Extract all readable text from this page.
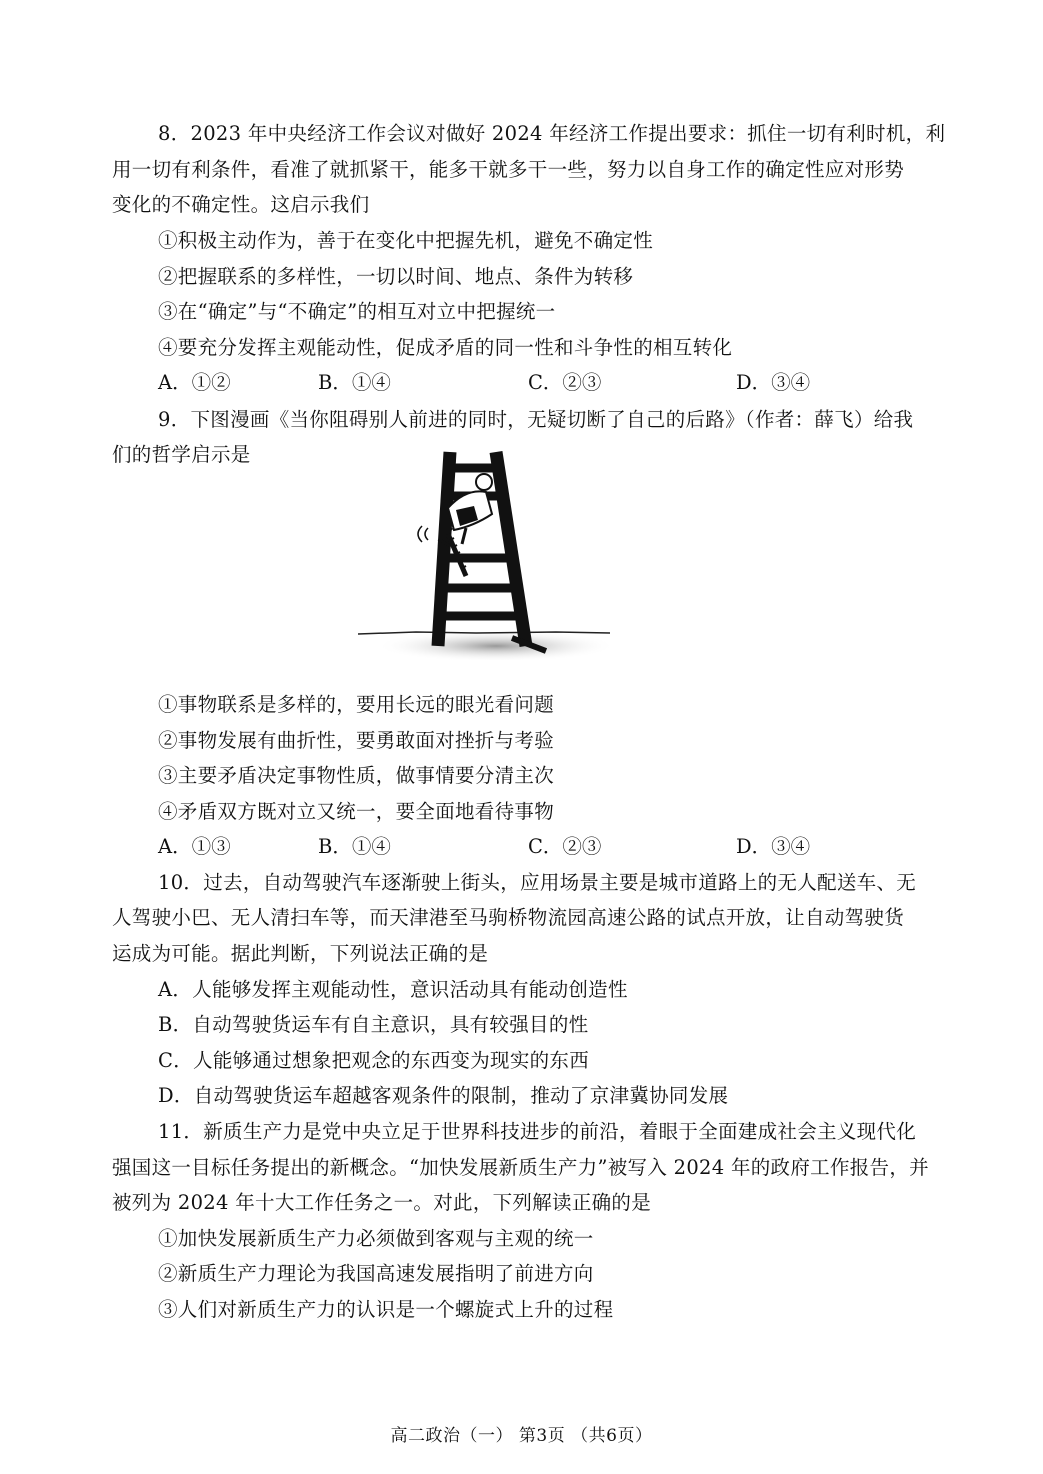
8．2023 年中央经济工作会议对做好 2024 年经济工作提出要求：抓住一切有利时机，利
用一切有利条件，看准了就抓紧干，能多干就多干一些，努力以自身工作的确定性应对形势
变化的不确定性。这启示我们
①积极主动作为，善于在变化中把握先机，避免不确定性
②把握联系的多样性，一切以时间、地点、条件为转移
③在“确定”与“不确定”的相互对立中把握统一
④要充分发挥主观能动性，促成矛盾的同一性和斗争性的相互转化
A．①②	B．①④	C．②③	D．③④
9．下图漫画《当你阻碍别人前进的同时，无疑切断了自己的后路》（作者：薛飞）给我
们的哲学启示是
①事物联系是多样的，要用长远的眼光看问题
②事物发展有曲折性，要勇敢面对挫折与考验
③主要矛盾决定事物性质，做事情要分清主次
④矛盾双方既对立又统一，要全面地看待事物
A．①③	B．①④	C．②③	D．③④
10．过去，自动驾驶汽车逐渐驶上街头，应用场景主要是城市道路上的无人配送车、无
人驾驶小巴、无人清扫车等，而天津港至马驹桥物流园高速公路的试点开放，让自动驾驶货
运成为可能。据此判断，下列说法正确的是
A．人能够发挥主观能动性，意识活动具有能动创造性
B．自动驾驶货运车有自主意识，具有较强目的性
C．人能够通过想象把观念的东西变为现实的东西
D．自动驾驶货运车超越客观条件的限制，推动了京津冀协同发展
11．新质生产力是党中央立足于世界科技进步的前沿，着眼于全面建成社会主义现代化
强国这一目标任务提出的新概念。“加快发展新质生产力”被写入 2024 年的政府工作报告，并
被列为 2024 年十大工作任务之一。对此，下列解读正确的是
①加快发展新质生产力必须做到客观与主观的统一
②新质生产力理论为我国高速发展指明了前进方向
③人们对新质生产力的认识是一个螺旋式上升的过程
高二政治（一） 第3页 （共6页）
